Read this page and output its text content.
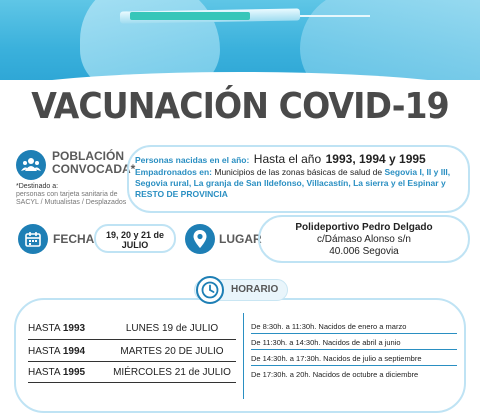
VACUNACIÓN COVID-19
POBLACIÓN
CONVOCADA*
*Destinado a:
personas con tarjeta sanitaria de SACYL / Mutualistas / Desplazados
Personas nacidas en el año: Hasta el año 1993, 1994 y 1995
Empadronados en: Municipios de las zonas básicas de salud de Segovia I, II y III, Segovia rural, La granja de San Ildefonso, Villacastín, La sierra y el Espinar y RESTO DE PROVINCIA
FECHA	19, 20 y 21 de
JULIO	LUGAR
Polideportivo Pedro Delgado
c/Dámaso Alonso s/n
40.006 Segovia
HORARIO
HASTA 1993	LUNES 19 de JULIO
HASTA 1994	MARTES 20 DE JULIO
HASTA 1995	MIÉRCOLES 21 de JULIO
De 8:30h. a 11:30h. Nacidos de enero a marzo
De 11:30h. a 14:30h. Nacidos de abril a junio
De 14:30h. a 17:30h. Nacidos de julio a septiembre
De 17:30h. a 20h. Nacidos de octubre a diciembre
